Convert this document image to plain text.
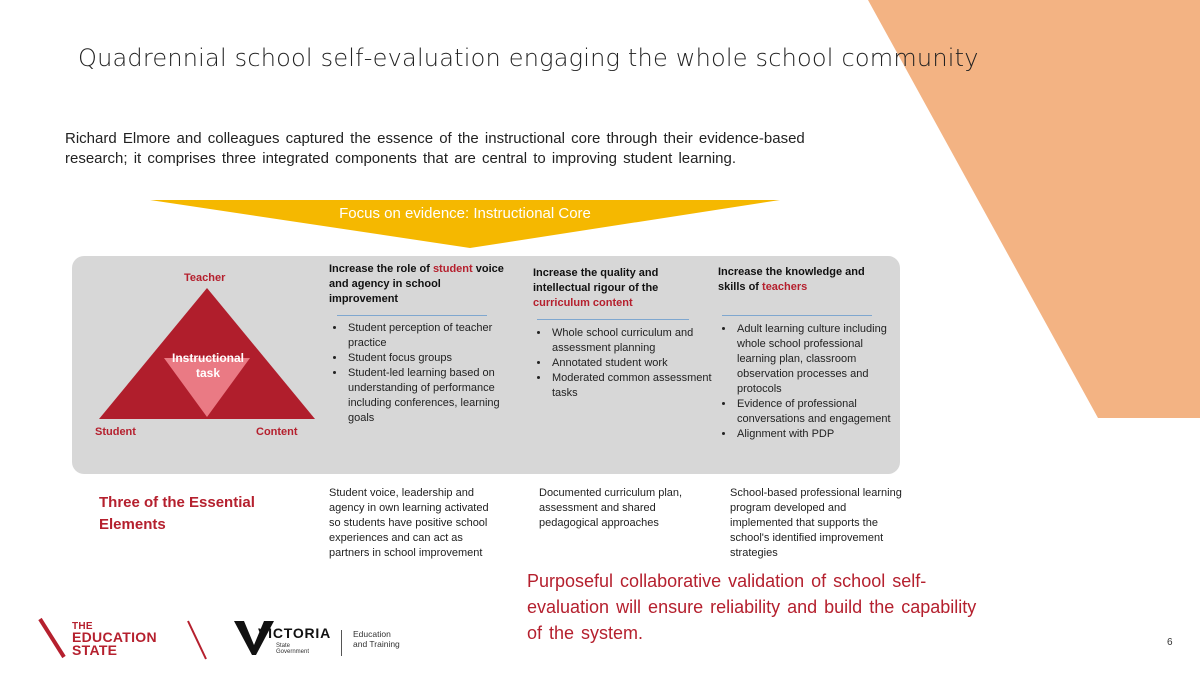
Quadrennial school self-evaluation engaging the whole school community
Richard Elmore and colleagues captured the essence of the instructional core through their evidence-based research; it comprises three integrated components that are central to improving student learning.
Focus on evidence: Instructional Core
Teacher
Student	Content
Instructional
task
Increase the role of student voice and agency in school improvement
• Student perception of teacher practice
• Student focus groups
• Student-led learning based on understanding of performance including conferences, learning goals
Increase the quality and intellectual rigour of the curriculum content
• Whole school curriculum and assessment planning
• Annotated student work
• Moderated common assessment tasks
Increase the knowledge and skills of teachers
• Adult learning culture including whole school professional learning plan, classroom observation processes and protocols
• Evidence of professional conversations and engagement
• Alignment with PDP
Three of the Essential
Elements
Student voice, leadership and agency in own learning activated so students have positive school experiences and can act as partners in school improvement
Documented curriculum plan, assessment and shared pedagogical approaches
School-based professional learning program developed and implemented that supports the school's identified improvement strategies
Purposeful collaborative validation of school self-evaluation will ensure reliability and build the capability of the system.
THE
EDUCATION
STATE
VICTORIA
State
Government
Education
and Training	6
